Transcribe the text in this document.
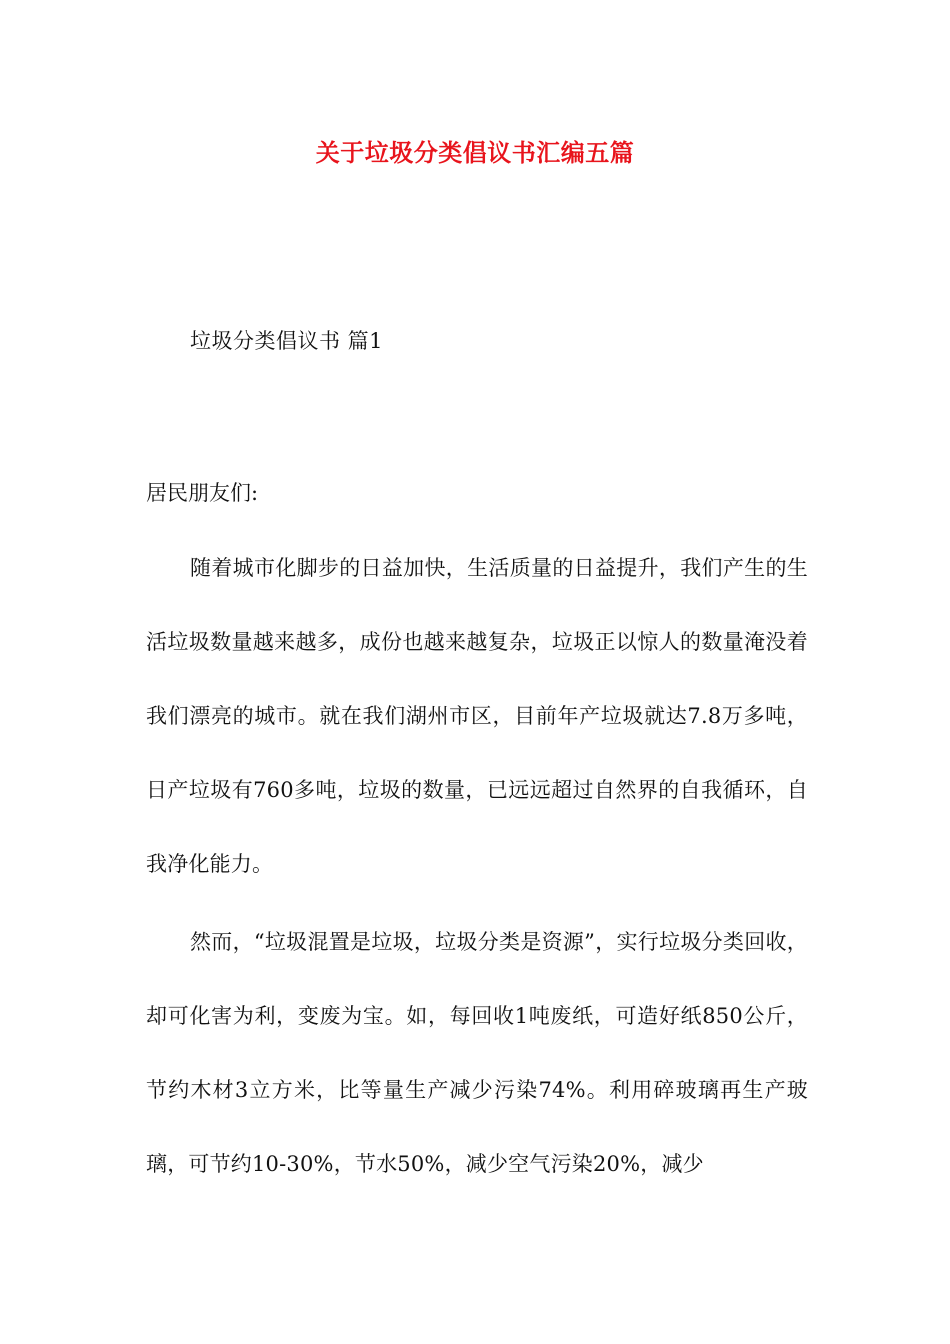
关于垃圾分类倡议书汇编五篇
垃圾分类倡议书 篇1
居民朋友们:

随着城市化脚步的日益加快，生活质量的日益提升，我们产生的生活垃圾数量越来越多，成份也越来越复杂，垃圾正以惊人的数量淹没着我们漂亮的城市。就在我们湖州市区，目前年产垃圾就达7.8万多吨，日产垃圾有760多吨，垃圾的数量，已远远超过自然界的自我循环，自我净化能力。

然而，“垃圾混置是垃圾，垃圾分类是资源”，实行垃圾分类回收，却可化害为利，变废为宝。如，每回收1吨废纸，可造好纸850公斤，节约木材3立方米，比等量生产减少污染74%。利用碎玻璃再生产玻璃，可节约10-30%，节水50%，减少空气污染20%，减少
